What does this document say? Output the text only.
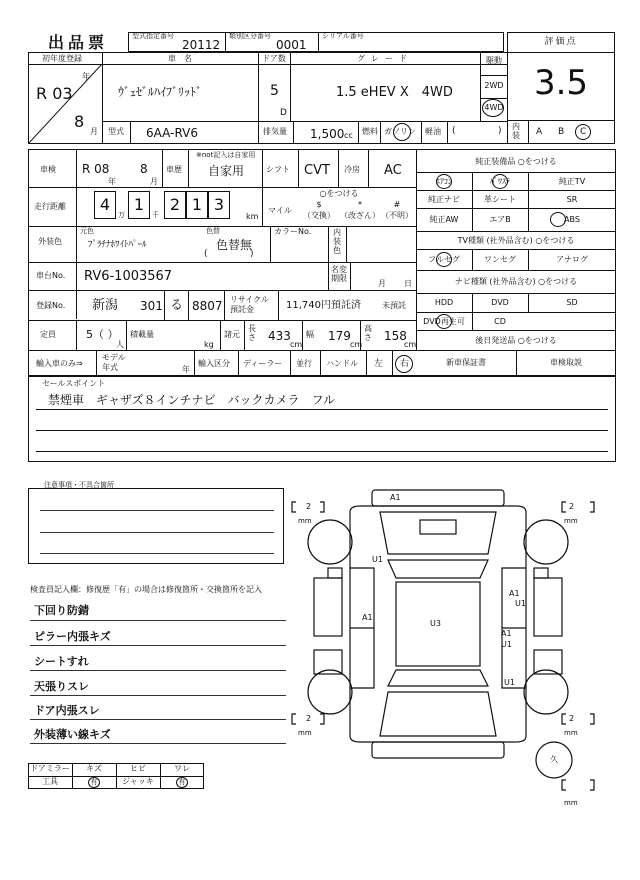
出品票	型式指定番号
20112
類別区分番号
0001
シリアル番号
評価点
3.5
初年度登録
R 03
年
8
月
車　名
ｳﾞｪｾﾞﾙﾊｲﾌﾞﾘｯﾄﾞ
ドア数
5
D
グレード
1.5 eHEV X　4WD
駆動
2WD
4WD
型式 6AA-RV6	排気量 1,500 cc 燃料 ガソリン 軽油 (	) 内装 A B C
車検 R 08
年
8
月
車歴
※not記入は自家用
自家用	シフト CVT 冷房 AC
走行距離	4
万
1
千
2 1 3
km
○をつける
マイル
$
（交換）
*
（改ざん）
#
（不明）
外装色
元色
ﾌﾟﾗﾁﾅﾎﾜｲﾄﾊﾟｰﾙ
色替
色替無
(	)
カラーNo.	内装色
車台No. RV6-1003567	名変期限
月 日
登録No. 新潟 301 る 8807 リサイクル預託金	11,740円預託済	未預託
定員	5（ ）
人
積載量
kg
諸元
長さ 433
cm
幅 179
cm
高さ 158
cm
輸入車のみ⇒
モデル年式	年
輸入区分 ディーラー 並行 ハンドル 左 右
純正装備品 ○をつける
ｴｱｺﾝ	ﾊﾟﾜｽﾃ	純正TV
純正ナビ	革シート	SR
純正AW	エアB	ABS
TV種類 (社外品含む) ○をつける
フルセグ	ワンセグ	アナログ
ナビ種類 (社外品含む) ○をつける
HDD	DVD	SD
DVD再生可	CD
後日発送品 ○をつける
新車保証書	車検取説
セールスポイント
禁煙車　ギャザズ８インチナビ　バックカメラ　フル
注意事項・不具合箇所
検査員記入欄：修復歴「有」の場合は修復箇所・交換箇所を記入
下回り防錆
ピラー内張キズ
シートすれ
天張りスレ
ドア内張スレ
外装薄い線キズ
ドアミラー	キズ	ヒビ	ワレ
工具	有	ジャッキ	有
A1
U1
A1
U1
A1
U3
A1
U1
U1
2
mm
2
mm
2
mm
2
mm
久
mm
